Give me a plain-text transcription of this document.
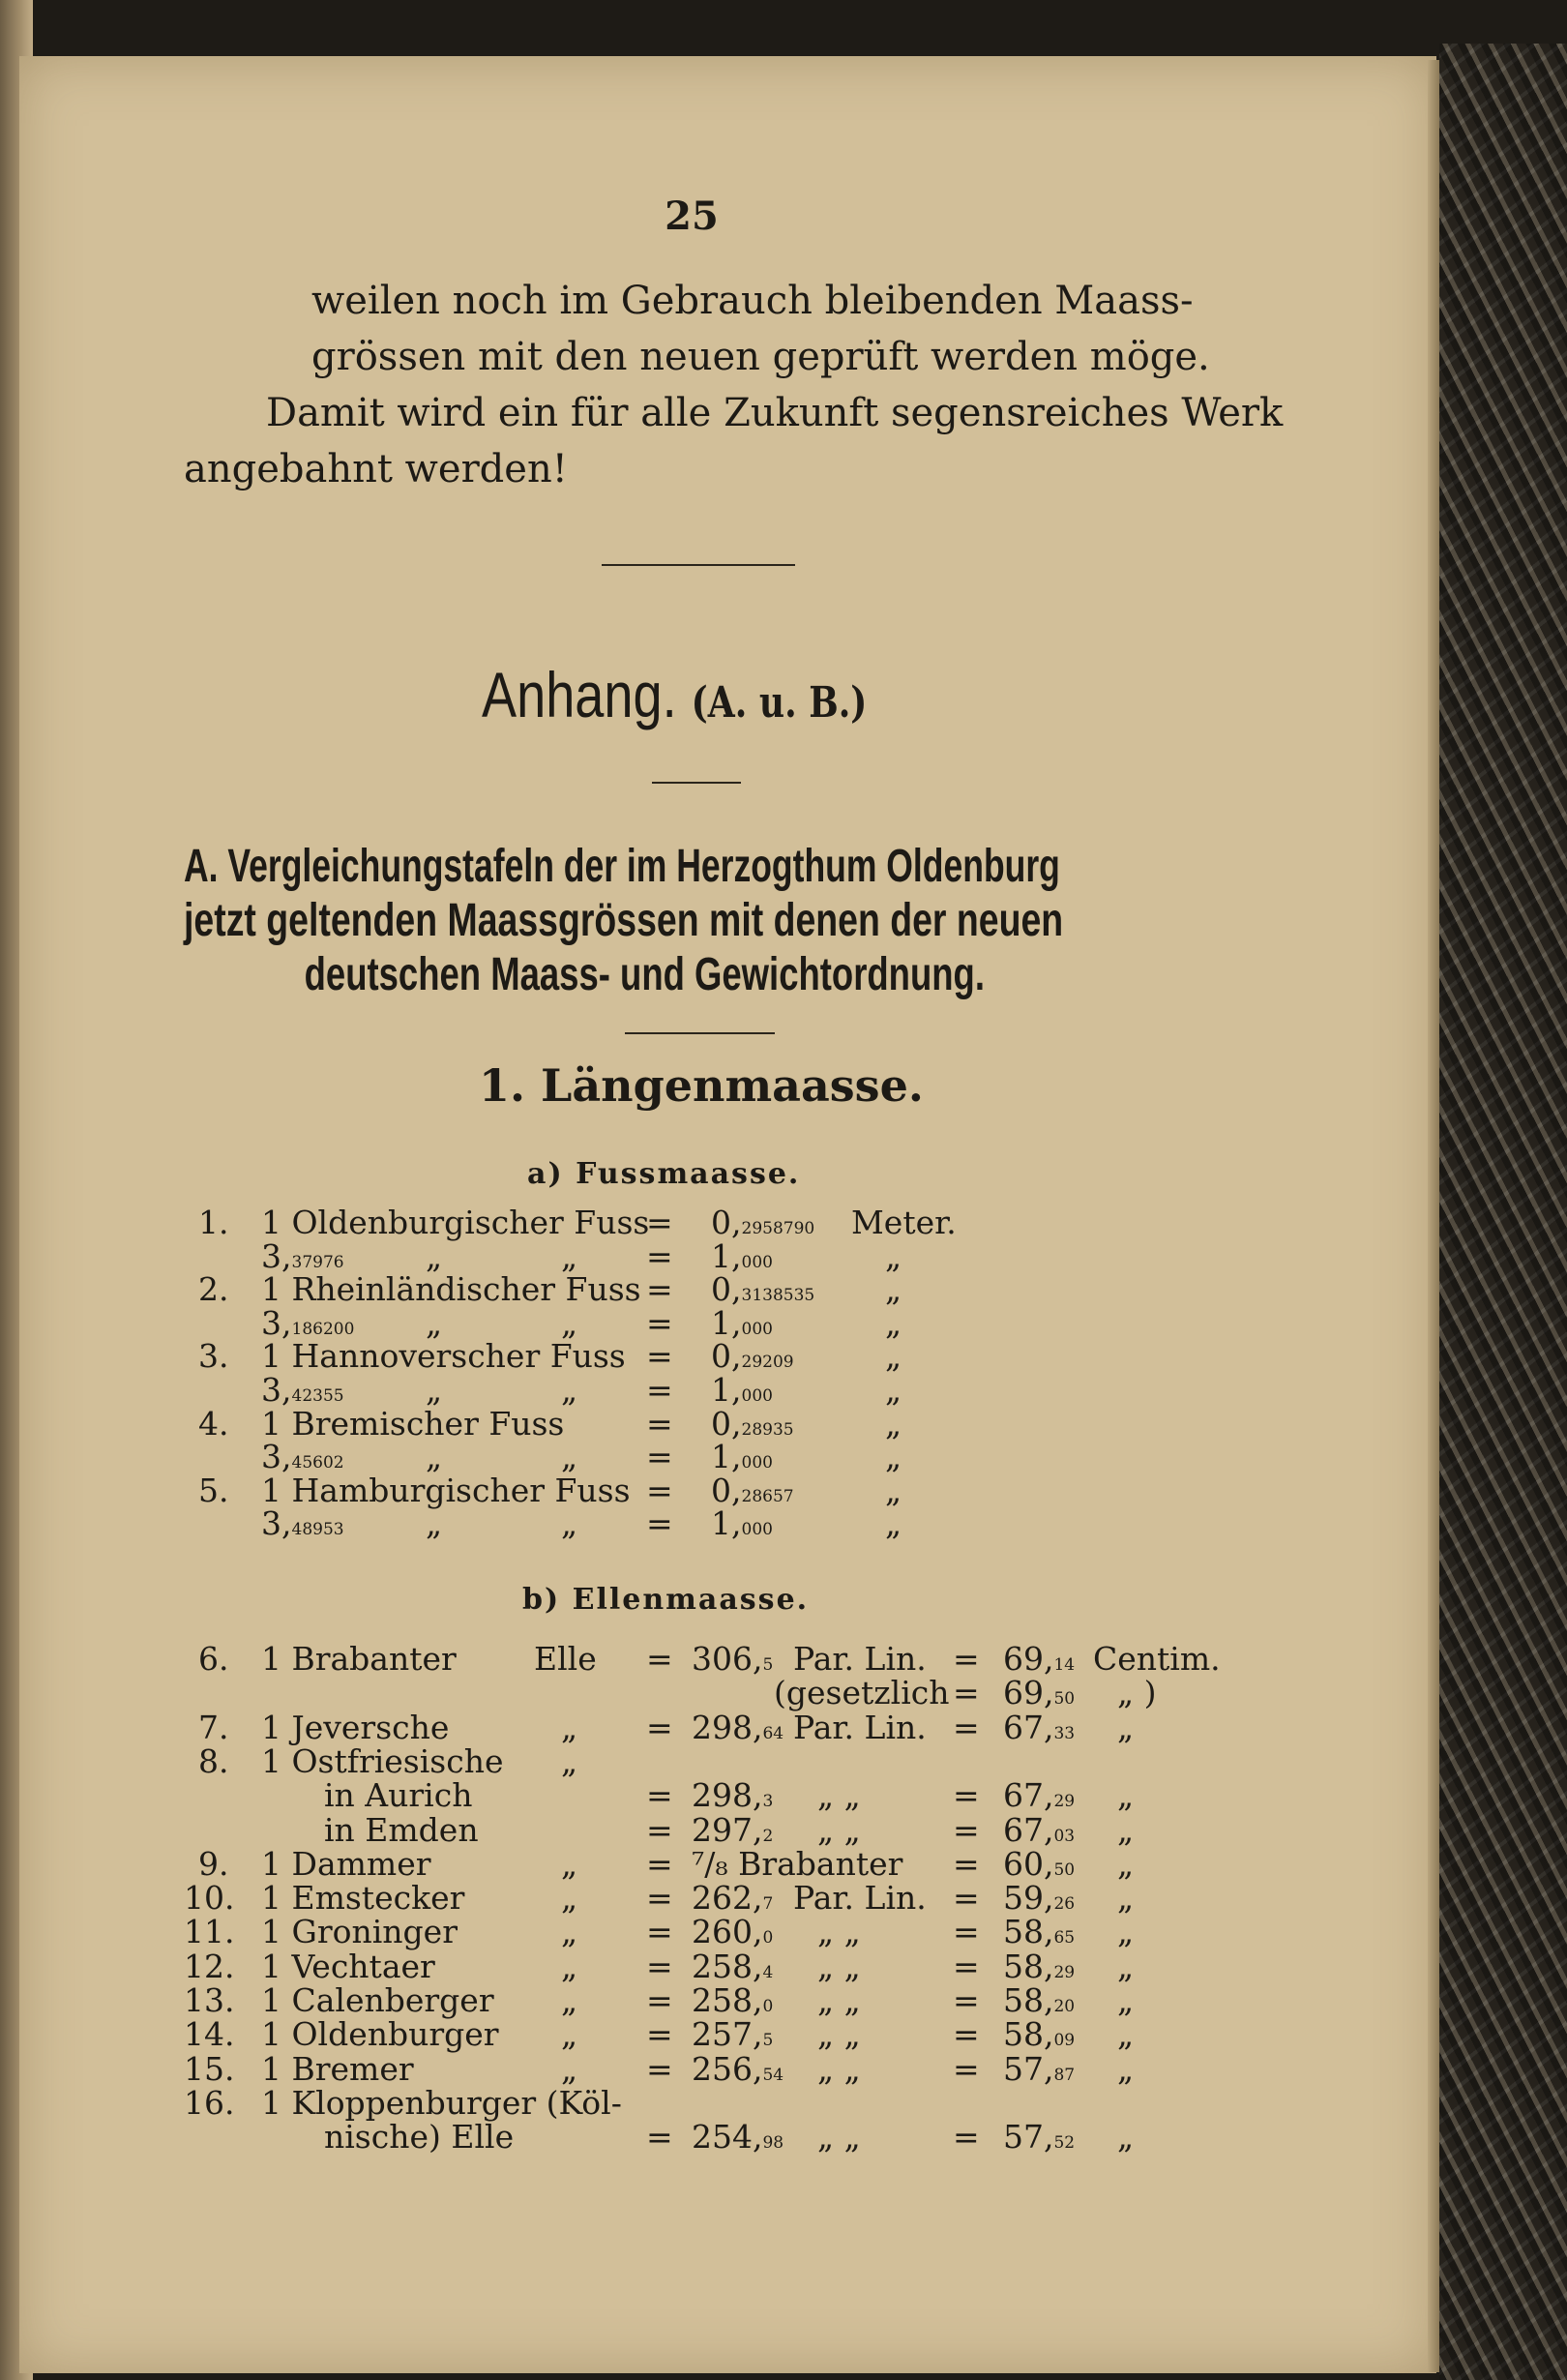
25
weilen noch im Gebrauch bleibenden Maass-
grössen mit den neuen geprüft werden möge.
Damit wird ein für alle Zukunft segensreiches Werk
angebahnt werden!
Anhang. (A. u. B.)
A. Vergleichungstafeln der im Herzogthum Oldenburg
jetzt geltenden Maassgrössen mit denen der neuen
deutschen Maass- und Gewichtordnung.
1. Längenmaasse.
a) Fussmaasse.
1. 1 Oldenburgischer Fuss
= 0,2958790 Meter.
3,37976	„	„ = 1,000	„
2. 1 Rheinländischer Fuss = 0,3138535 „
3,186200 „	„ = 1,000	„
3. 1 Hannoverscher Fuss = 0,29209	„
3,42355	„	„ = 1,000	„
4. 1 Bremischer Fuss	= 0,28935	„
3,45602	„	„ = 1,000	„
5. 1 Hamburgischer Fuss = 0,28657	„
3,48953	„	„ = 1,000	„
b) Ellenmaasse.
6. 1 Brabanter Elle = 306,5 Par. Lin. = 69,14 Centim.
(gesetzlich = 69,50 „ )
7. 1 Jeversche	„ = 298,64 Par. Lin. = 67,33 „
8. 1 Ostfriesische „
in Aurich	= 298,3 „ „	= 67,29 „
in Emden	= 297,2 „ „	= 67,03 „
9. 1 Dammer	„ = ⁷/₈ Brabanter = 60,50 „
10. 1 Emstecker	„ = 262,7 Par. Lin. = 59,26 „
11. 1 Groninger	„ = 260,0 „ „	= 58,65 „
12. 1 Vechtaer	„ = 258,4 „ „	= 58,29 „
13. 1 Calenberger „ = 258,0 „ „	= 58,20 „
14. 1 Oldenburger „ = 257,5 „ „	= 58,09 „
15. 1 Bremer	„ = 256,54 „ „	= 57,87 „
16. 1 Kloppenburger (Köl-
nische) Elle	= 254,98 „ „	= 57,52 „
